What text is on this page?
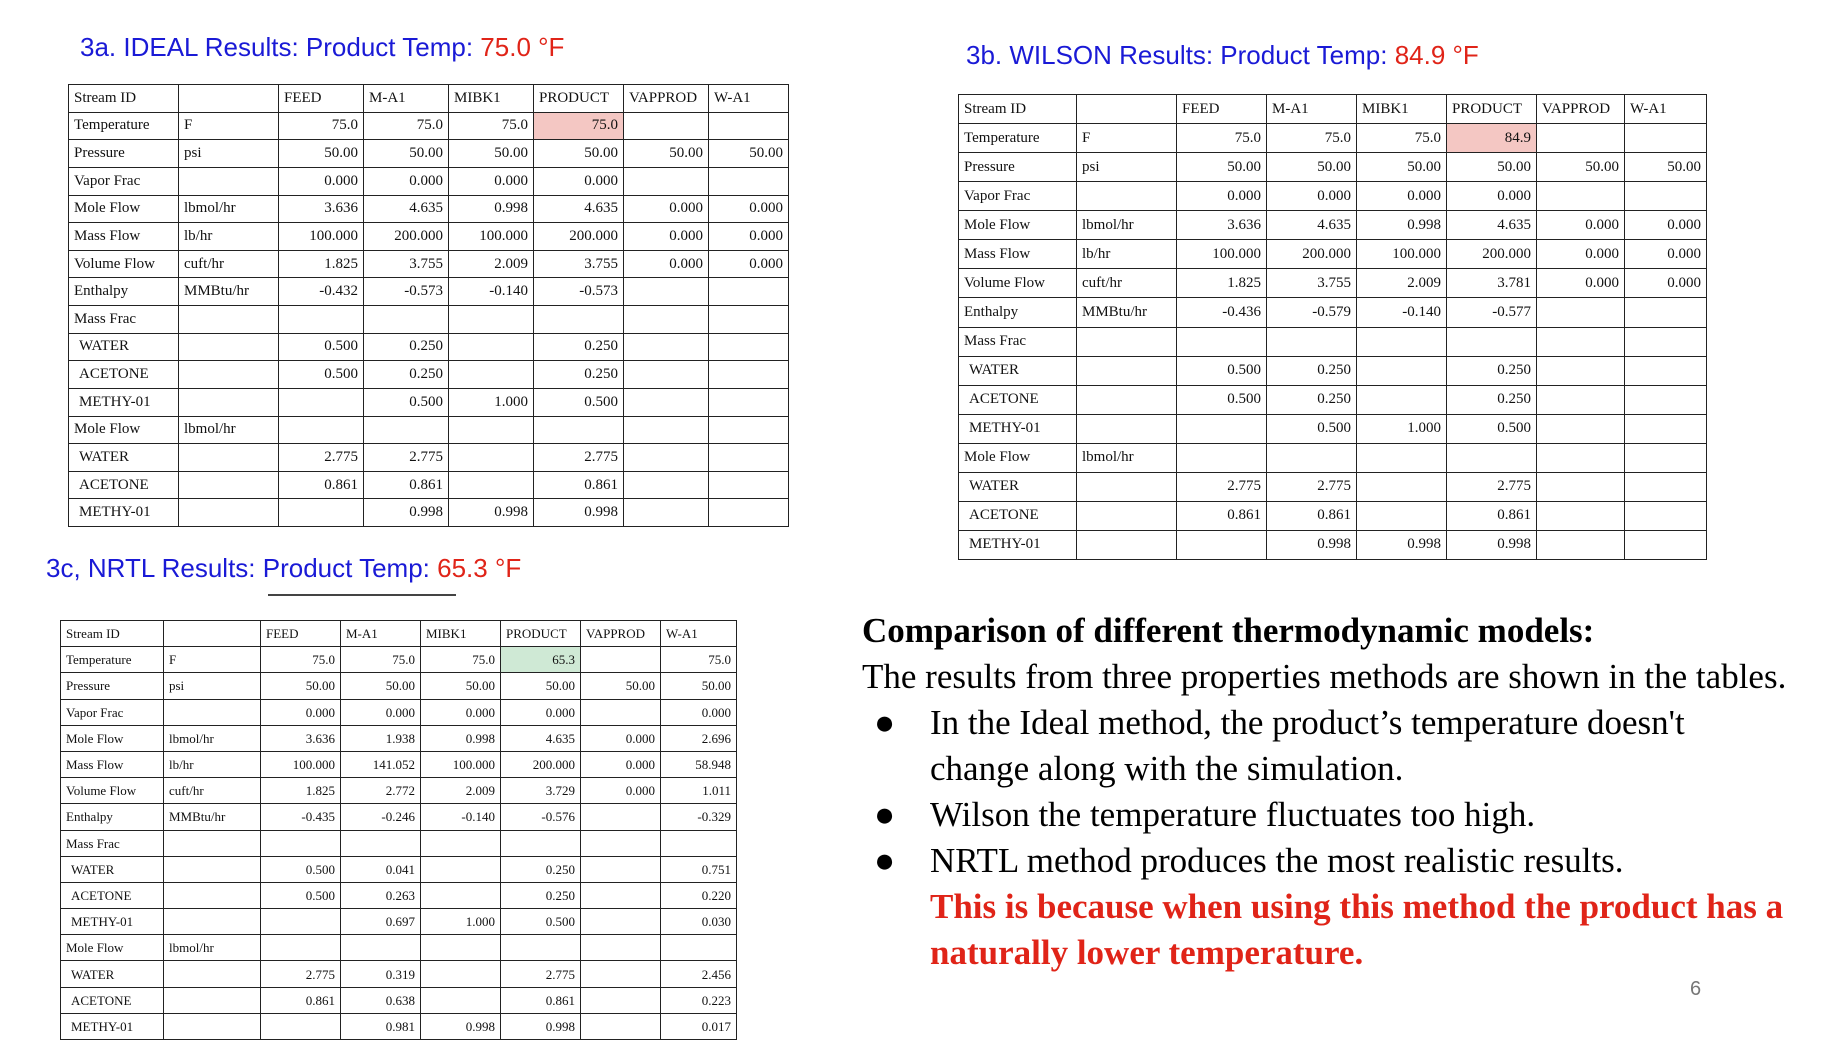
3a. IDEAL Results: Product Temp: 75.0 °F	3b. WILSON Results: Product Temp: 84.9 °F
3c, NRTL Results: Product Temp: 65.3 °F
Stream ID		FEED	M-A1	MIBK1	PRODUCT	VAPPROD	W-A1
Temperature	F	75.0	75.0	75.0	75.0		
Pressure	psi	50.00	50.00	50.00	50.00	50.00	50.00
Vapor Frac		0.000	0.000	0.000	0.000		
Mole Flow	lbmol/hr	3.636	4.635	0.998	4.635	0.000	0.000
Mass Flow	lb/hr	100.000	200.000	100.000	200.000	0.000	0.000
Volume Flow	cuft/hr	1.825	3.755	2.009	3.755	0.000	0.000
Enthalpy	MMBtu/hr	-0.432	-0.573	-0.140	-0.573		
Mass Frac							
WATER		0.500	0.250		0.250		
ACETONE		0.500	0.250		0.250		
METHY-01			0.500	1.000	0.500		
Mole Flow	lbmol/hr						
WATER		2.775	2.775		2.775		
ACETONE		0.861	0.861		0.861		
METHY-01			0.998	0.998	0.998		
Stream ID		FEED	M-A1	MIBK1	PRODUCT	VAPPROD	W-A1
Temperature	F	75.0	75.0	75.0	84.9		
Pressure	psi	50.00	50.00	50.00	50.00	50.00	50.00
Vapor Frac		0.000	0.000	0.000	0.000		
Mole Flow	lbmol/hr	3.636	4.635	0.998	4.635	0.000	0.000
Mass Flow	lb/hr	100.000	200.000	100.000	200.000	0.000	0.000
Volume Flow	cuft/hr	1.825	3.755	2.009	3.781	0.000	0.000
Enthalpy	MMBtu/hr	-0.436	-0.579	-0.140	-0.577		
Mass Frac							
WATER		0.500	0.250		0.250		
ACETONE		0.500	0.250		0.250		
METHY-01			0.500	1.000	0.500		
Mole Flow	lbmol/hr						
WATER		2.775	2.775		2.775		
ACETONE		0.861	0.861		0.861		
METHY-01			0.998	0.998	0.998		
Stream ID		FEED	M-A1	MIBK1	PRODUCT	VAPPROD	W-A1
Temperature	F	75.0	75.0	75.0	65.3		75.0
Pressure	psi	50.00	50.00	50.00	50.00	50.00	50.00
Vapor Frac		0.000	0.000	0.000	0.000		0.000
Mole Flow	lbmol/hr	3.636	1.938	0.998	4.635	0.000	2.696
Mass Flow	lb/hr	100.000	141.052	100.000	200.000	0.000	58.948
Volume Flow	cuft/hr	1.825	2.772	2.009	3.729	0.000	1.011
Enthalpy	MMBtu/hr	-0.435	-0.246	-0.140	-0.576		-0.329
Mass Frac							
WATER		0.500	0.041		0.250		0.751
ACETONE		0.500	0.263		0.250		0.220
METHY-01			0.697	1.000	0.500		0.030
Mole Flow	lbmol/hr						
WATER		2.775	0.319		2.775		2.456
ACETONE		0.861	0.638		0.861		0.223
METHY-01			0.981	0.998	0.998		0.017
Comparison of different thermodynamic models:
The results from three properties methods are shown in the tables.
● In the Ideal method, the product’s temperature doesn't change along with the simulation.
● Wilson the temperature fluctuates too high.
● NRTL method produces the most realistic results.
This is because when using this method the product has a naturally lower temperature.
6
